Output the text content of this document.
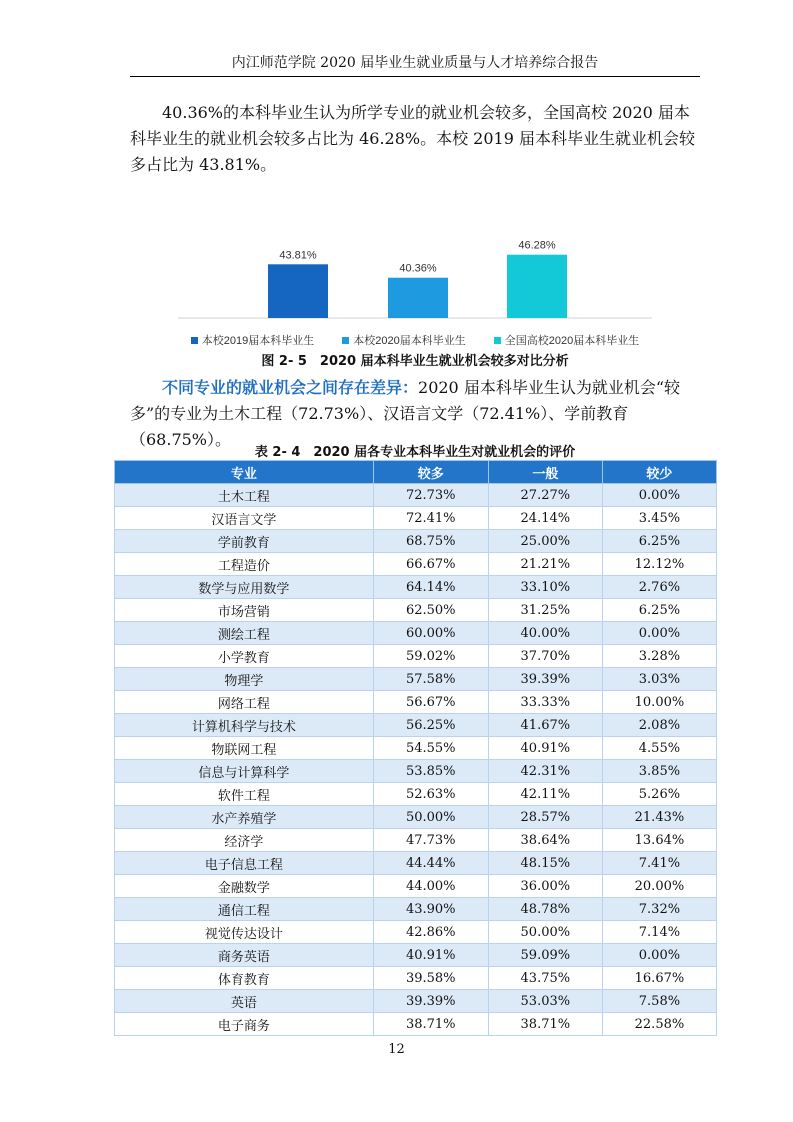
内江师范学院 2020 届毕业生就业质量与人才培养综合报告
40.36%的本科毕业生认为所学专业的就业机会较多，全国高校 2020 届本科毕业生的就业机会较多占比为 46.28%。本校 2019 届本科毕业生就业机会较多占比为 43.81%。
43.81%
40.36%
46.28%
本校2019届本科毕业生	本校2020届本科毕业生	全国高校2020届本科毕业生
图 2- 5　2020 届本科毕业生就业机会较多对比分析
不同专业的就业机会之间存在差异：2020 届本科毕业生认为就业机会“较多”的专业为土木工程（72.73%）、汉语言文学（72.41%）、学前教育（68.75%）。
表 2- 4　2020 届各专业本科毕业生对就业机会的评价
专业	较多	一般	较少
土木工程	72.73%	27.27%	0.00%
汉语言文学	72.41%	24.14%	3.45%
学前教育	68.75%	25.00%	6.25%
工程造价	66.67%	21.21%	12.12%
数学与应用数学	64.14%	33.10%	2.76%
市场营销	62.50%	31.25%	6.25%
测绘工程	60.00%	40.00%	0.00%
小学教育	59.02%	37.70%	3.28%
物理学	57.58%	39.39%	3.03%
网络工程	56.67%	33.33%	10.00%
计算机科学与技术	56.25%	41.67%	2.08%
物联网工程	54.55%	40.91%	4.55%
信息与计算科学	53.85%	42.31%	3.85%
软件工程	52.63%	42.11%	5.26%
水产养殖学	50.00%	28.57%	21.43%
经济学	47.73%	38.64%	13.64%
电子信息工程	44.44%	48.15%	7.41%
金融数学	44.00%	36.00%	20.00%
通信工程	43.90%	48.78%	7.32%
视觉传达设计	42.86%	50.00%	7.14%
商务英语	40.91%	59.09%	0.00%
体育教育	39.58%	43.75%	16.67%
英语	39.39%	53.03%	7.58%
电子商务	38.71%	38.71%	22.58%
12
